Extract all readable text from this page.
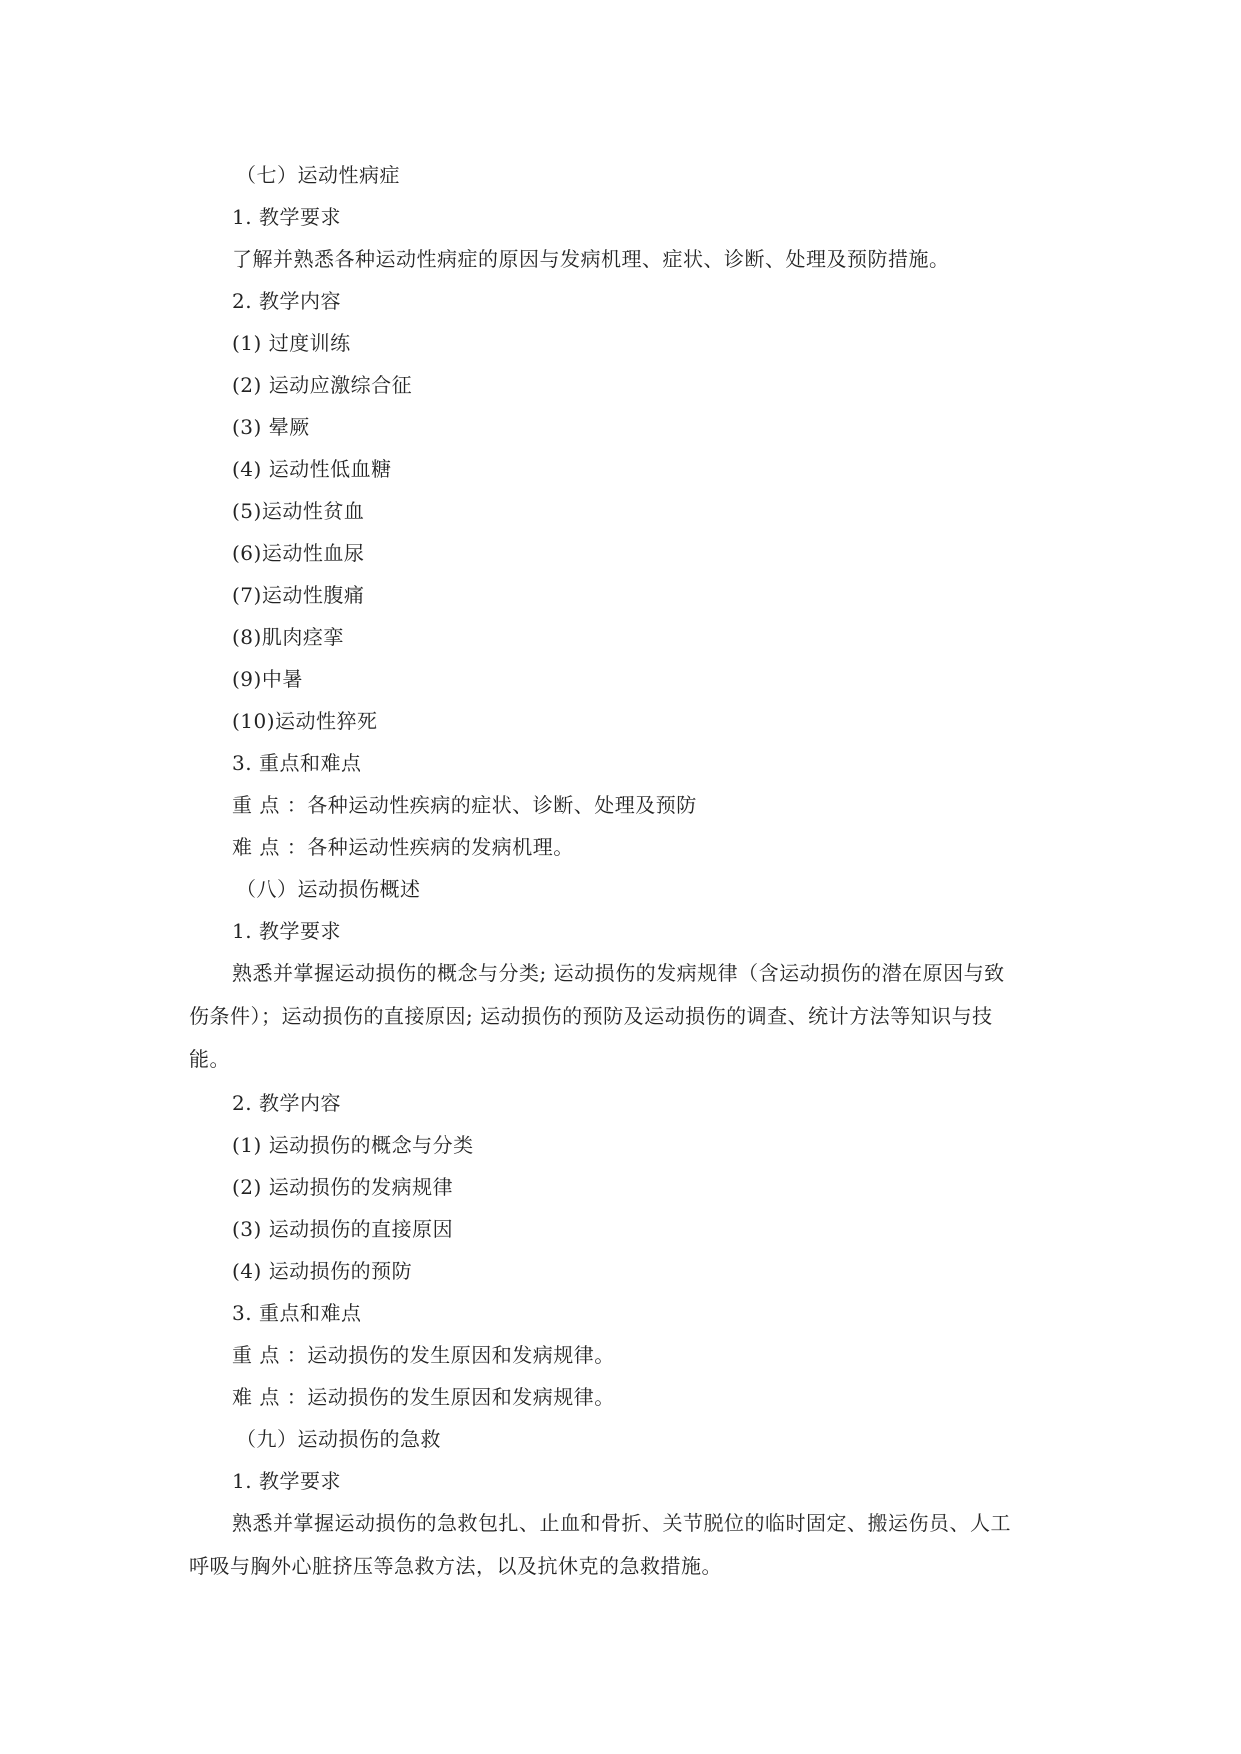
（七）运动性病症
1. 教学要求
了解并熟悉各种运动性病症的原因与发病机理、症状、诊断、处理及预防措施。
2. 教学内容
(1) 过度训练
(2) 运动应激综合征
(3) 晕厥
(4) 运动性低血糖
(5)运动性贫血
(6)运动性血尿
(7)运动性腹痛
(8)肌肉痉挛
(9)中暑
(10)运动性猝死
3. 重点和难点
重 点 ：各种运动性疾病的症状、诊断、处理及预防
难 点 ：各种运动性疾病的发病机理。
（八）运动损伤概述
1. 教学要求
熟悉并掌握运动损伤的概念与分类; 运动损伤的发病规律（含运动损伤的潜在原因与致
伤条件）；运动损伤的直接原因; 运动损伤的预防及运动损伤的调查、统计方法等知识与技
能。
2. 教学内容
(1) 运动损伤的概念与分类
(2) 运动损伤的发病规律
(3) 运动损伤的直接原因
(4) 运动损伤的预防
3. 重点和难点
重 点 ：运动损伤的发生原因和发病规律。
难 点 ：运动损伤的发生原因和发病规律。
（九）运动损伤的急救
1. 教学要求
熟悉并掌握运动损伤的急救包扎、止血和骨折、关节脱位的临时固定、搬运伤员、人工
呼吸与胸外心脏挤压等急救方法，以及抗休克的急救措施。
